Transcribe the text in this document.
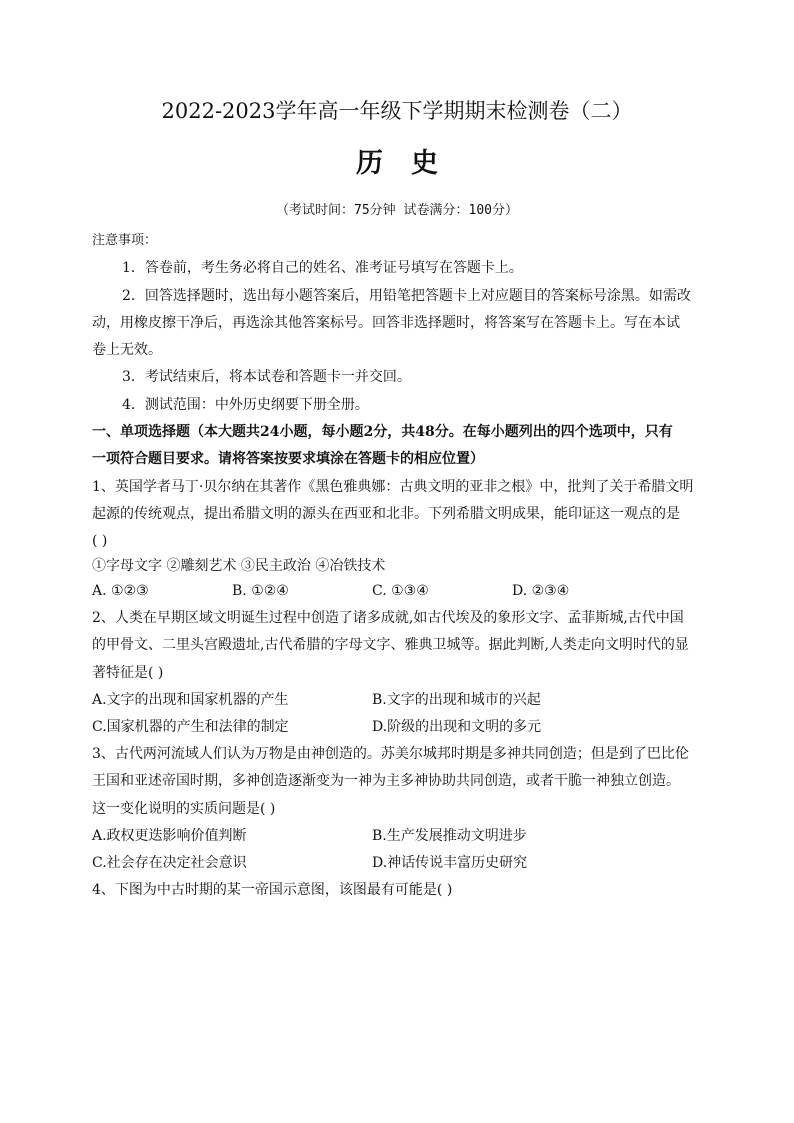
2022-2023学年高一年级下学期期末检测卷（二）
历史
（考试时间：75分钟 试卷满分：100分）
注意事项：
1．答卷前，考生务必将自己的姓名、准考证号填写在答题卡上。
2．回答选择题时，选出每小题答案后，用铅笔把答题卡上对应题目的答案标号涂黑。如需改
动，用橡皮擦干净后，再选涂其他答案标号。回答非选择题时，将答案写在答题卡上。写在本试
卷上无效。
3．考试结束后，将本试卷和答题卡一并交回。
4．测试范围：中外历史纲要下册全册。
一、单项选择题（本大题共24小题，每小题2分，共48分。在每小题列出的四个选项中，只有
一项符合题目要求。请将答案按要求填涂在答题卡的相应位置）
1、英国学者马丁·贝尔纳在其著作《黑色雅典娜：古典文明的亚非之根》中，批判了关于希腊文明
起源的传统观点，提出希腊文明的源头在西亚和北非。下列希腊文明成果，能印证这一观点的是
( )
①字母文字 ②雕刻艺术 ③民主政治 ④冶铁技术
A. ①②③	B. ①②④	C. ①③④	D. ②③④
2、人类在早期区域文明诞生过程中创造了诸多成就,如古代埃及的象形文字、孟菲斯城,古代中国
的甲骨文、二里头宫殿遗址,古代希腊的字母文字、雅典卫城等。据此判断,人类走向文明时代的显
著特征是( )
A.文字的出现和国家机器的产生	B.文字的出现和城市的兴起
C.国家机器的产生和法律的制定	D.阶级的出现和文明的多元
3、古代两河流域人们认为万物是由神创造的。苏美尔城邦时期是多神共同创造；但是到了巴比伦
王国和亚述帝国时期，多神创造逐渐变为一神为主多神协助共同创造，或者干脆一神独立创造。
这一变化说明的实质问题是( )
A.政权更迭影响价值判断	B.生产发展推动文明进步
C.社会存在决定社会意识	D.神话传说丰富历史研究
4、下图为中古时期的某一帝国示意图，该图最有可能是( )
